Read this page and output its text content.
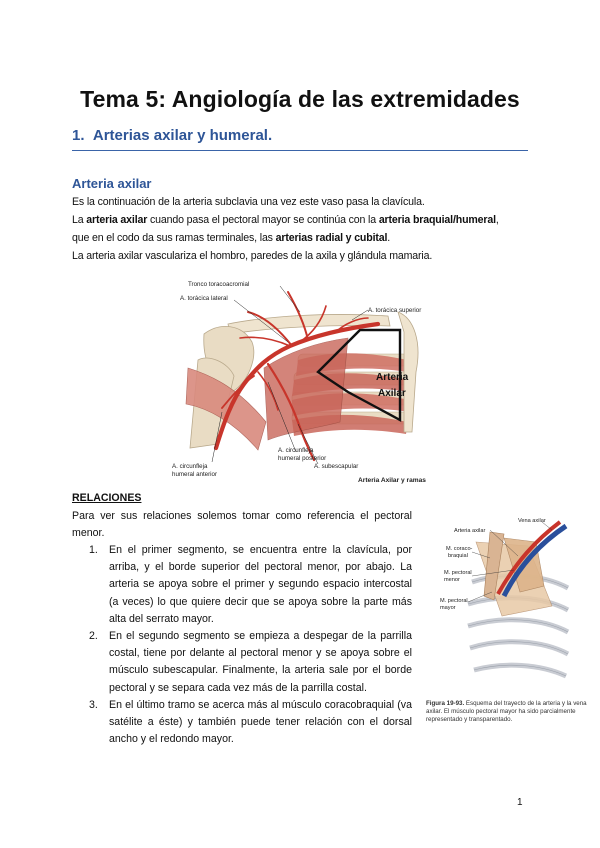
Tema 5: Angiología de las extremidades
1. Arterias axilar y humeral.
Arteria axilar

Es la continuación de la arteria subclavia una vez este vaso pasa la clavícula.

La arteria axilar cuando pasa el pectoral mayor se continúa con la arteria braquial/humeral,

que en el codo da sus ramas terminales, las arterias radial y cubital.

La arteria axilar vasculariza el hombro, paredes de la axila y glándula mamaria.

Tronco toracoacromial
A. torácica lateral
A. torácica superior
Arteria
Axilar
A. circunfleja
humeral posterior
A. circunfleja
humeral anterior
A. subescapular
Arteria Axilar y ramas
RELACIONES
Para ver sus relaciones solemos tomar como referencia el pectoral menor.
1. En el primer segmento, se encuentra entre la clavícula, por arriba, y el borde superior del pectoral menor, por abajo. La arteria se apoya sobre el primer y segundo espacio intercostal (a veces) lo que quiere decir que se apoya sobre la parte más alta del serrato mayor.
2. En el segundo segmento se empieza a despegar de la parrilla costal, tiene por delante al pectoral menor y se apoya sobre el músculo subescapular. Finalmente, la arteria sale por el borde pectoral y se separa cada vez más de la parrilla costal.
3. En el último tramo se acerca más al músculo coracobraquial (va satélite a éste) y también puede tener relación con el dorsal ancho y el redondo mayor.
Vena axilar
Arteria axilar
M. coraco-
braquial
M. pectoral
menor
M. pectoral
mayor
Figura 19-93. Esquema del trayecto de la arteria y la vena axilar. El músculo pectoral mayor ha sido parcialmente representado y transparentado.
1
